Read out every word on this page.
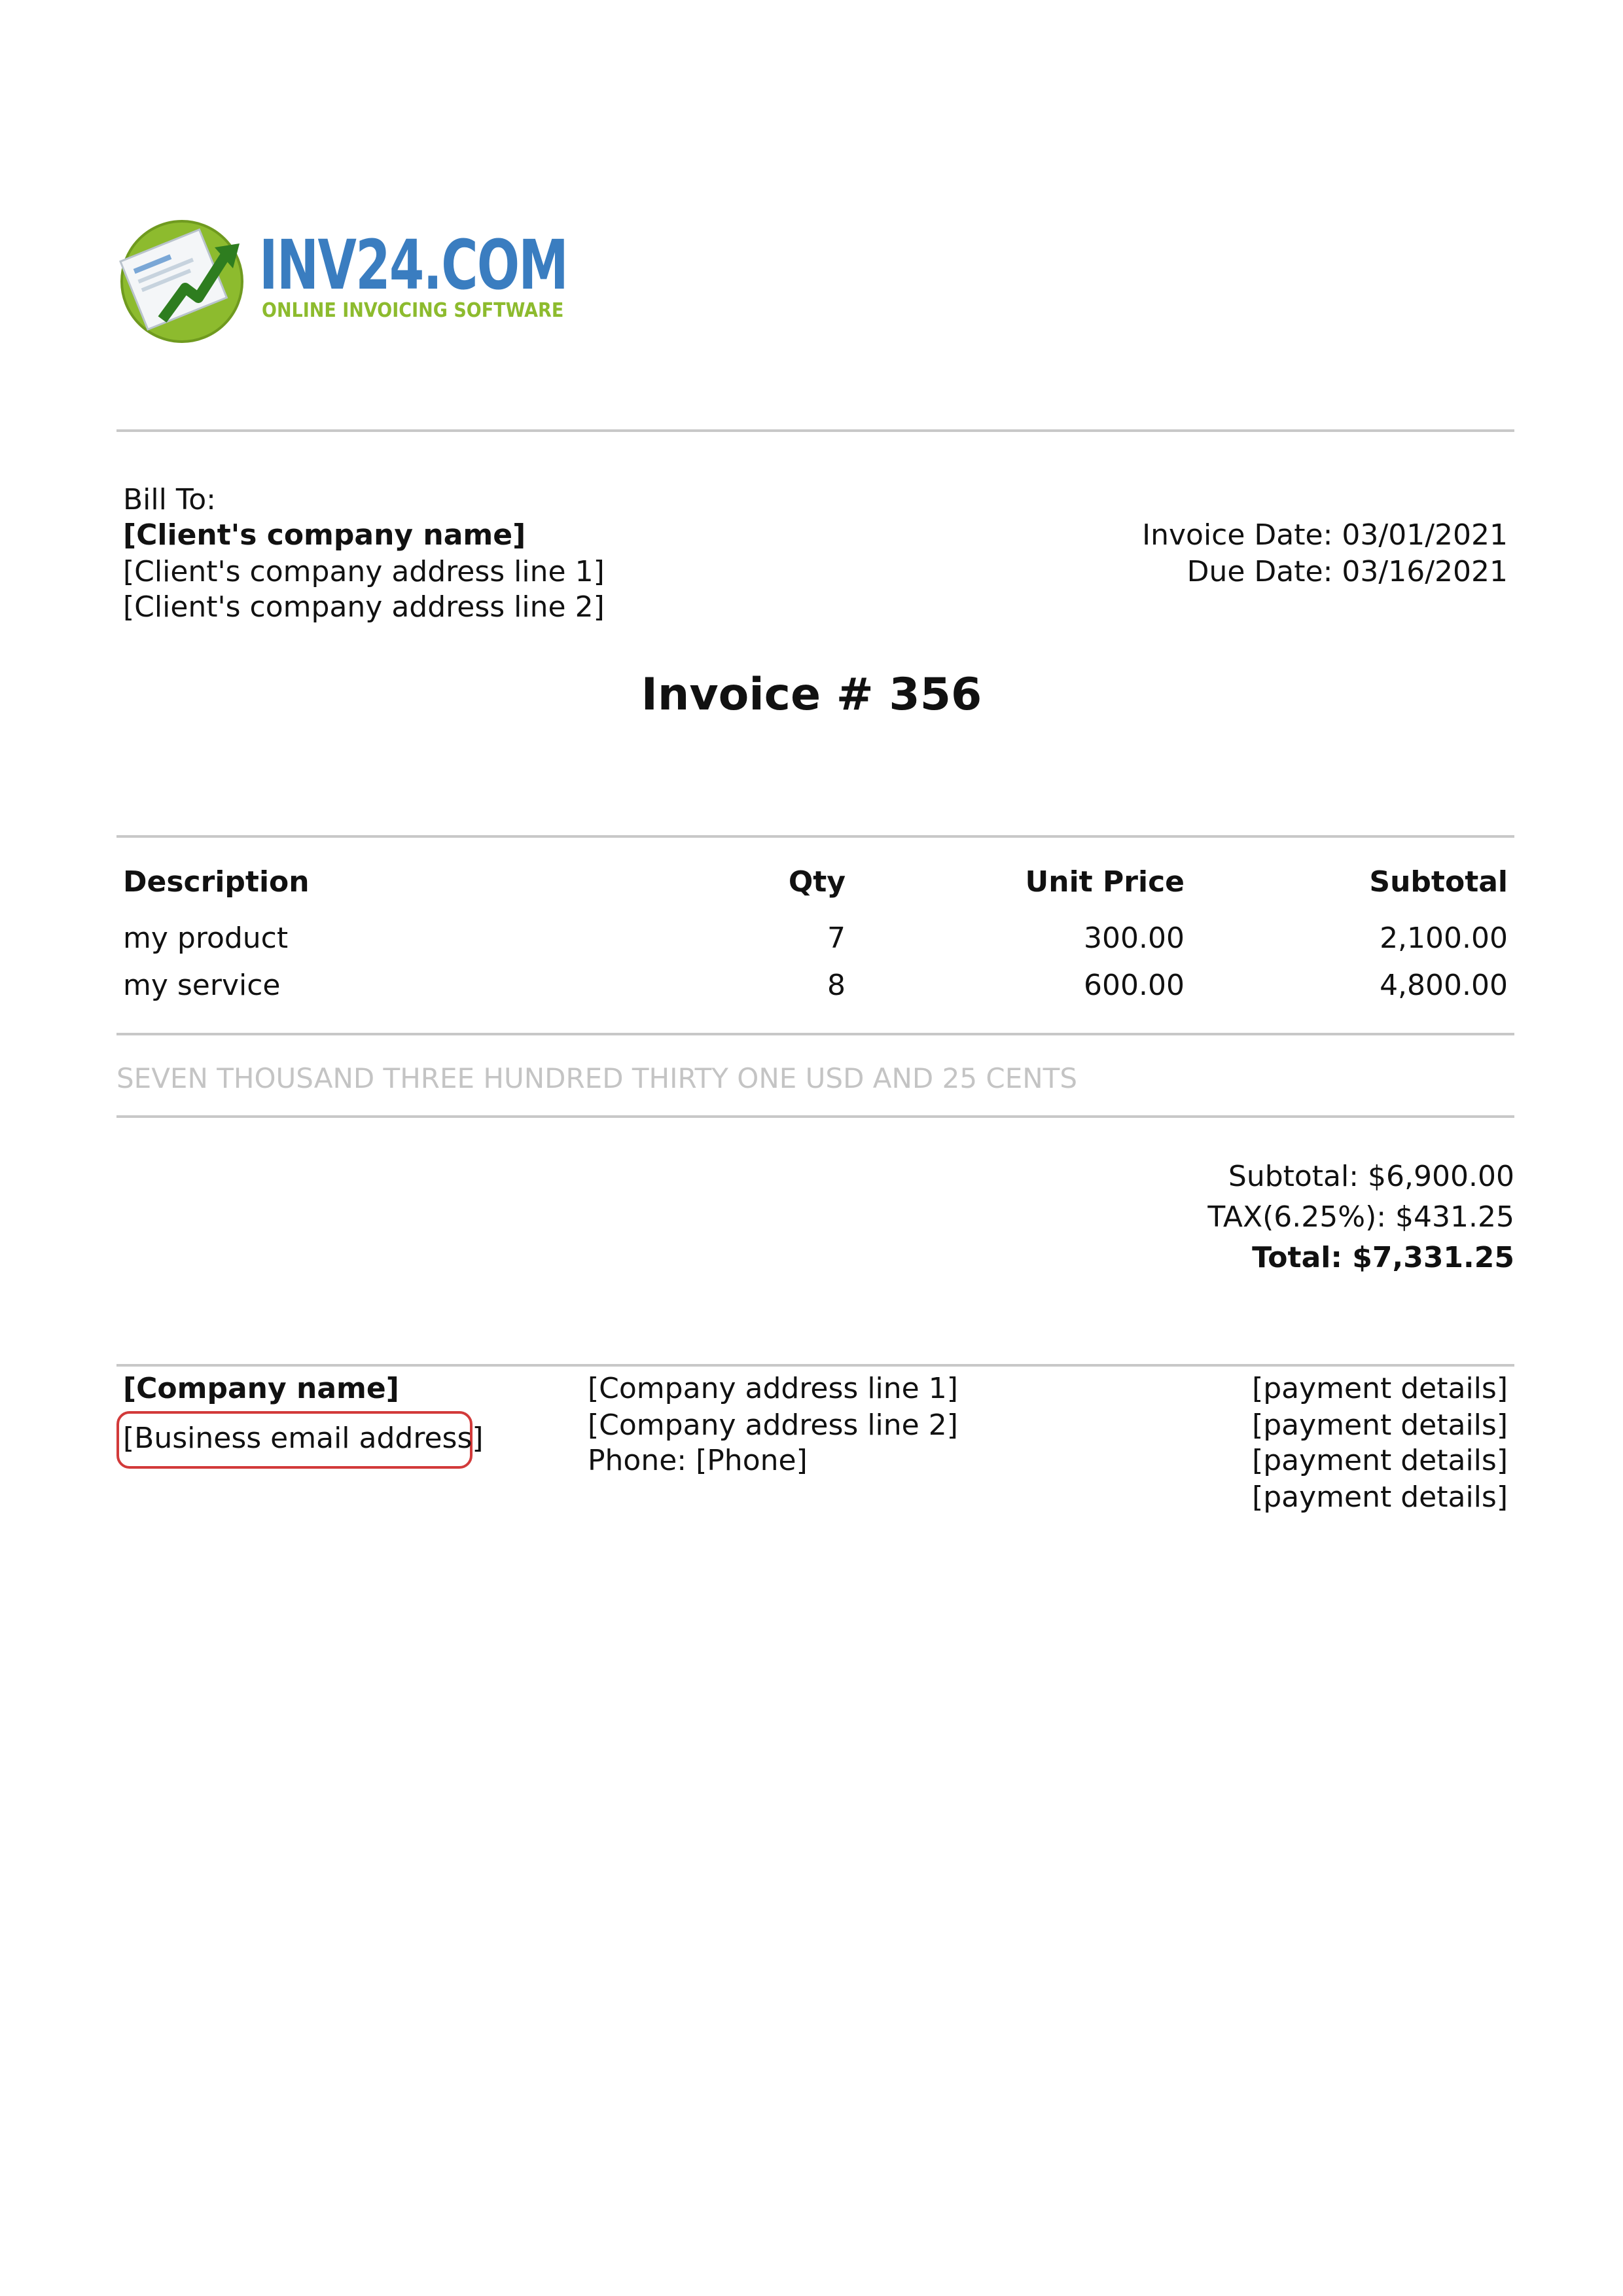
INV24.COM
ONLINE INVOICING SOFTWARE
Bill To:
[Client's company name]
[Client's company address line 1]
[Client's company address line 2]
Invoice Date: 03/01/2021
Due Date: 03/16/2021
Invoice # 356
Description	Qty	Unit Price	Subtotal
my product	7	300.00	2,100.00
my service	8	600.00	4,800.00
SEVEN THOUSAND THREE HUNDRED THIRTY ONE USD AND 25 CENTS
Subtotal: $6,900.00
TAX(6.25%): $431.25
Total: $7,331.25
[Company name]
[Business email address]
[Company address line 1]
[Company address line 2]
Phone: [Phone]
[payment details]
[payment details]
[payment details]
[payment details]
